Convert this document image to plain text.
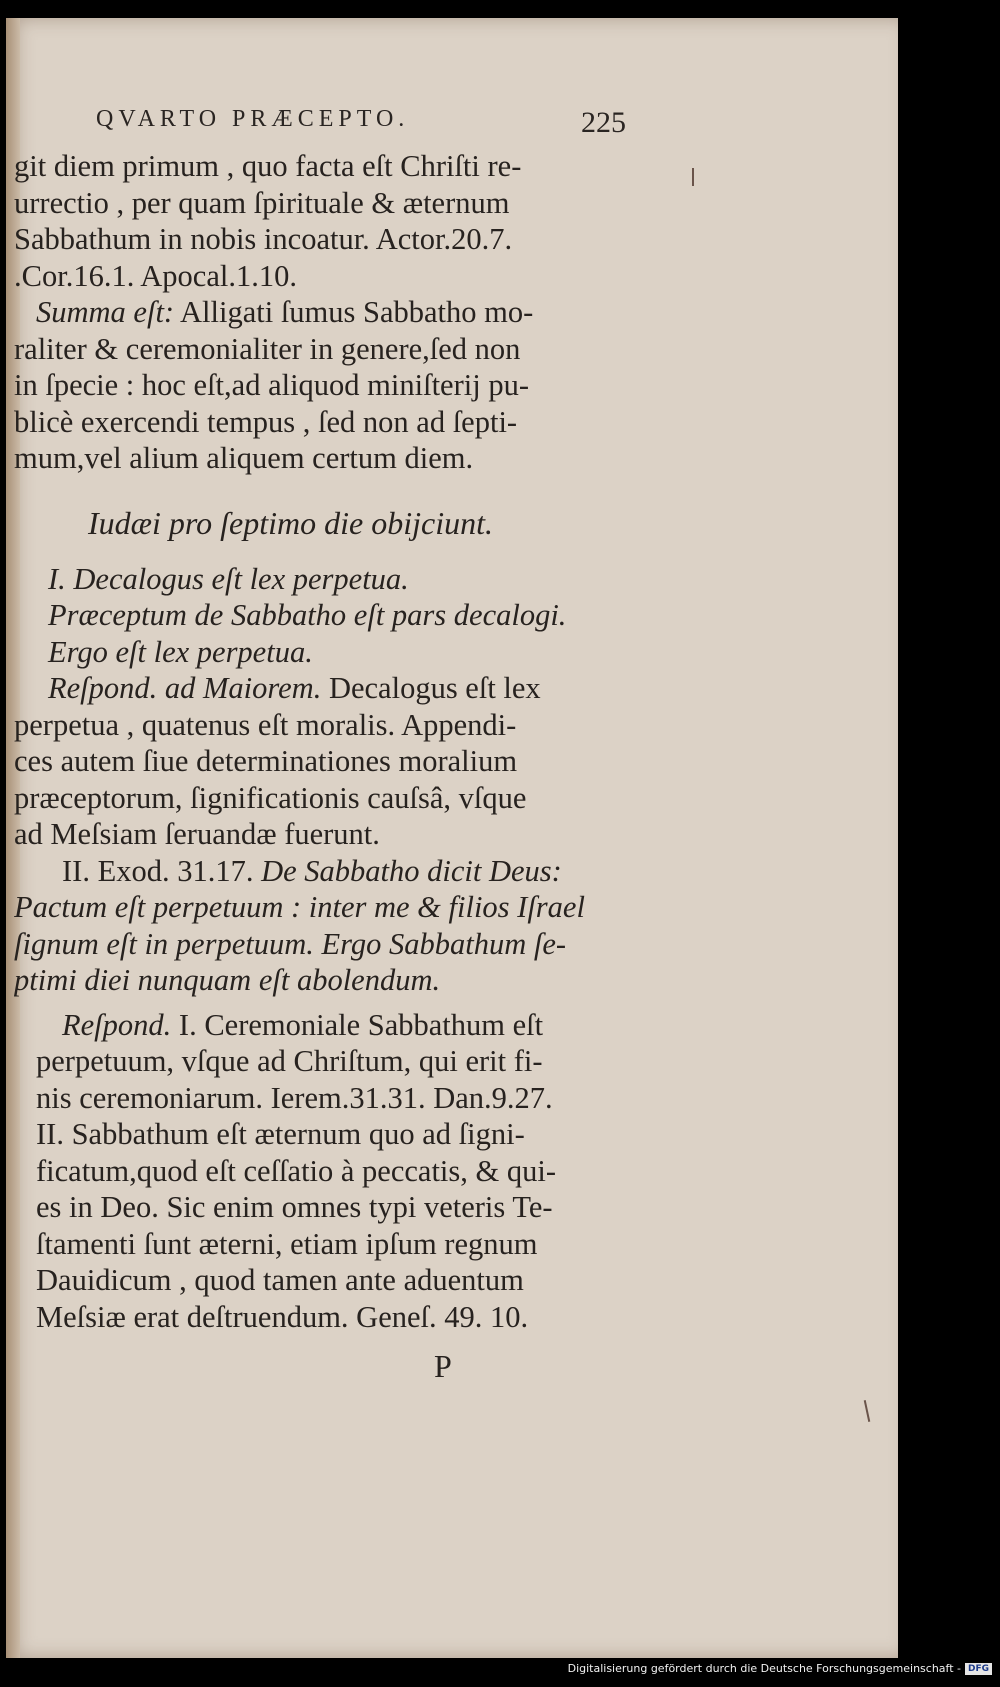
QVARTO PRÆCEPTO.	225
git diem primum , quo facta eſt Chriſti re-
urrectio , per quam ſpirituale & æternum
Sabbathum in nobis incoatur. Actor.20.7.
.Cor.16.1. Apocal.1.10.
Summa eſt: Alligati ſumus Sabbatho mo-
raliter & ceremonialiter in genere,ſed non
in ſpecie : hoc eſt,ad aliquod miniſterij pu-
blicè exercendi tempus , ſed non ad ſepti-
mum,vel alium aliquem certum diem.
Iudæi pro ſeptimo die obijciunt.
I. Decalogus eſt lex perpetua.
Præceptum de Sabbatho eſt pars decalogi.
Ergo eſt lex perpetua.
Reſpond. ad Maiorem. Decalogus eſt lex
perpetua , quatenus eſt moralis. Appendi-
ces autem ſiue determinationes moralium
præceptorum, ſignificationis cauſsâ, vſque
ad Meſsiam ſeruandæ fuerunt.
II. Exod. 31.17. De Sabbatho dicit Deus:
Pactum eſt perpetuum : inter me & filios Iſrael
ſignum eſt in perpetuum. Ergo Sabbathum ſe-
ptimi diei nunquam eſt abolendum.
Reſpond. I. Ceremoniale Sabbathum eſt
perpetuum, vſque ad Chriſtum, qui erit fi-
nis ceremoniarum. Ierem.31.31. Dan.9.27.
II. Sabbathum eſt æternum quo ad ſigni-
ficatum,quod eſt ceſſatio à peccatis, & qui-
es in Deo. Sic enim omnes typi veteris Te-
ſtamenti ſunt æterni, etiam ipſum regnum
Dauidicum , quod tamen ante aduentum
Meſsiæ erat deſtruendum. Geneſ. 49. 10.
P
Digitalisierung gefördert durch die Deutsche Forschungsgemeinschaft - DFG
